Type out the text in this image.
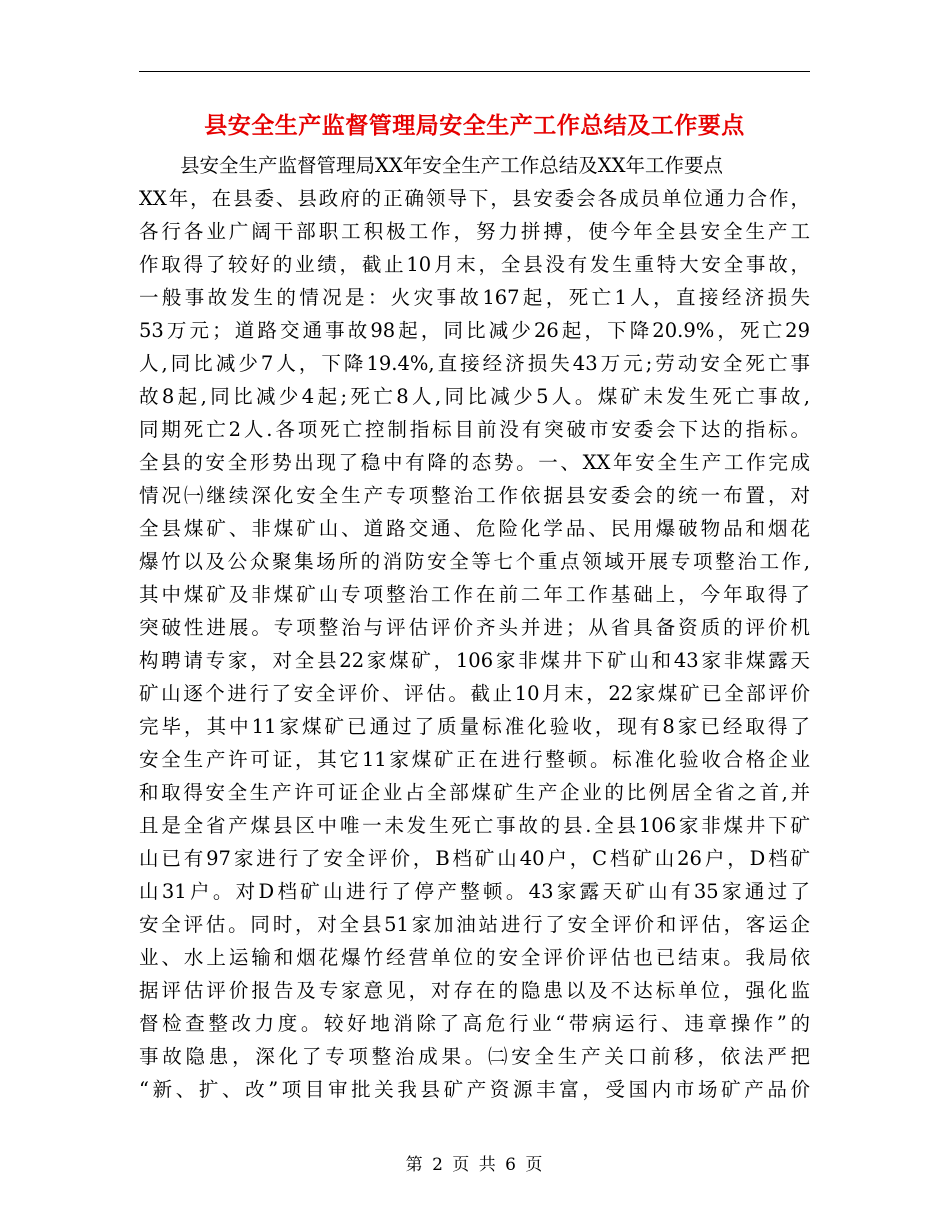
县安全生产监督管理局安全生产工作总结及工作要点
县安全生产监督管理局XX年安全生产工作总结及XX年工作要点
XX年，在县委、县政府的正确领导下，县安委会各成员单位通力合作，
各行各业广阔干部职工积极工作，努力拼搏，使今年全县安全生产工
作取得了较好的业绩，截止10月末，全县没有发生重特大安全事故，
一般事故发生的情况是：火灾事故167起，死亡1人，直接经济损失
53万元；道路交通事故98起，同比减少26起，下降20.9%，死亡29
人,同比减少7人，下降19.4%,直接经济损失43万元;劳动安全死亡事
故8起,同比减少4起;死亡8人,同比减少5人。煤矿未发生死亡事故,
同期死亡2人.各项死亡控制指标目前没有突破市安委会下达的指标。
全县的安全形势出现了稳中有降的态势。一、XX年安全生产工作完成
情况㈠继续深化安全生产专项整治工作依据县安委会的统一布置，对
全县煤矿、非煤矿山、道路交通、危险化学品、民用爆破物品和烟花
爆竹以及公众聚集场所的消防安全等七个重点领域开展专项整治工作,
其中煤矿及非煤矿山专项整治工作在前二年工作基础上，今年取得了
突破性进展。专项整治与评估评价齐头并进；从省具备资质的评价机
构聘请专家，对全县22家煤矿，106家非煤井下矿山和43家非煤露天
矿山逐个进行了安全评价、评估。截止10月末，22家煤矿已全部评价
完毕，其中11家煤矿已通过了质量标准化验收，现有8家已经取得了
安全生产许可证，其它11家煤矿正在进行整顿。标准化验收合格企业
和取得安全生产许可证企业占全部煤矿生产企业的比例居全省之首,并
且是全省产煤县区中唯一未发生死亡事故的县.全县106家非煤井下矿
山已有97家进行了安全评价，B档矿山40户，C档矿山26户，D档矿
山31户。对D档矿山进行了停产整顿。43家露天矿山有35家通过了
安全评估。同时，对全县51家加油站进行了安全评价和评估，客运企
业、水上运输和烟花爆竹经营单位的安全评价评估也已结束。我局依
据评估评价报告及专家意见，对存在的隐患以及不达标单位，强化监
督检查整改力度。较好地消除了高危行业“带病运行、违章操作”的
事故隐患，深化了专项整治成果。㈡安全生产关口前移，依法严把
“新、扩、改”项目审批关我县矿产资源丰富，受国内市场矿产品价
第 2 页 共 6 页
